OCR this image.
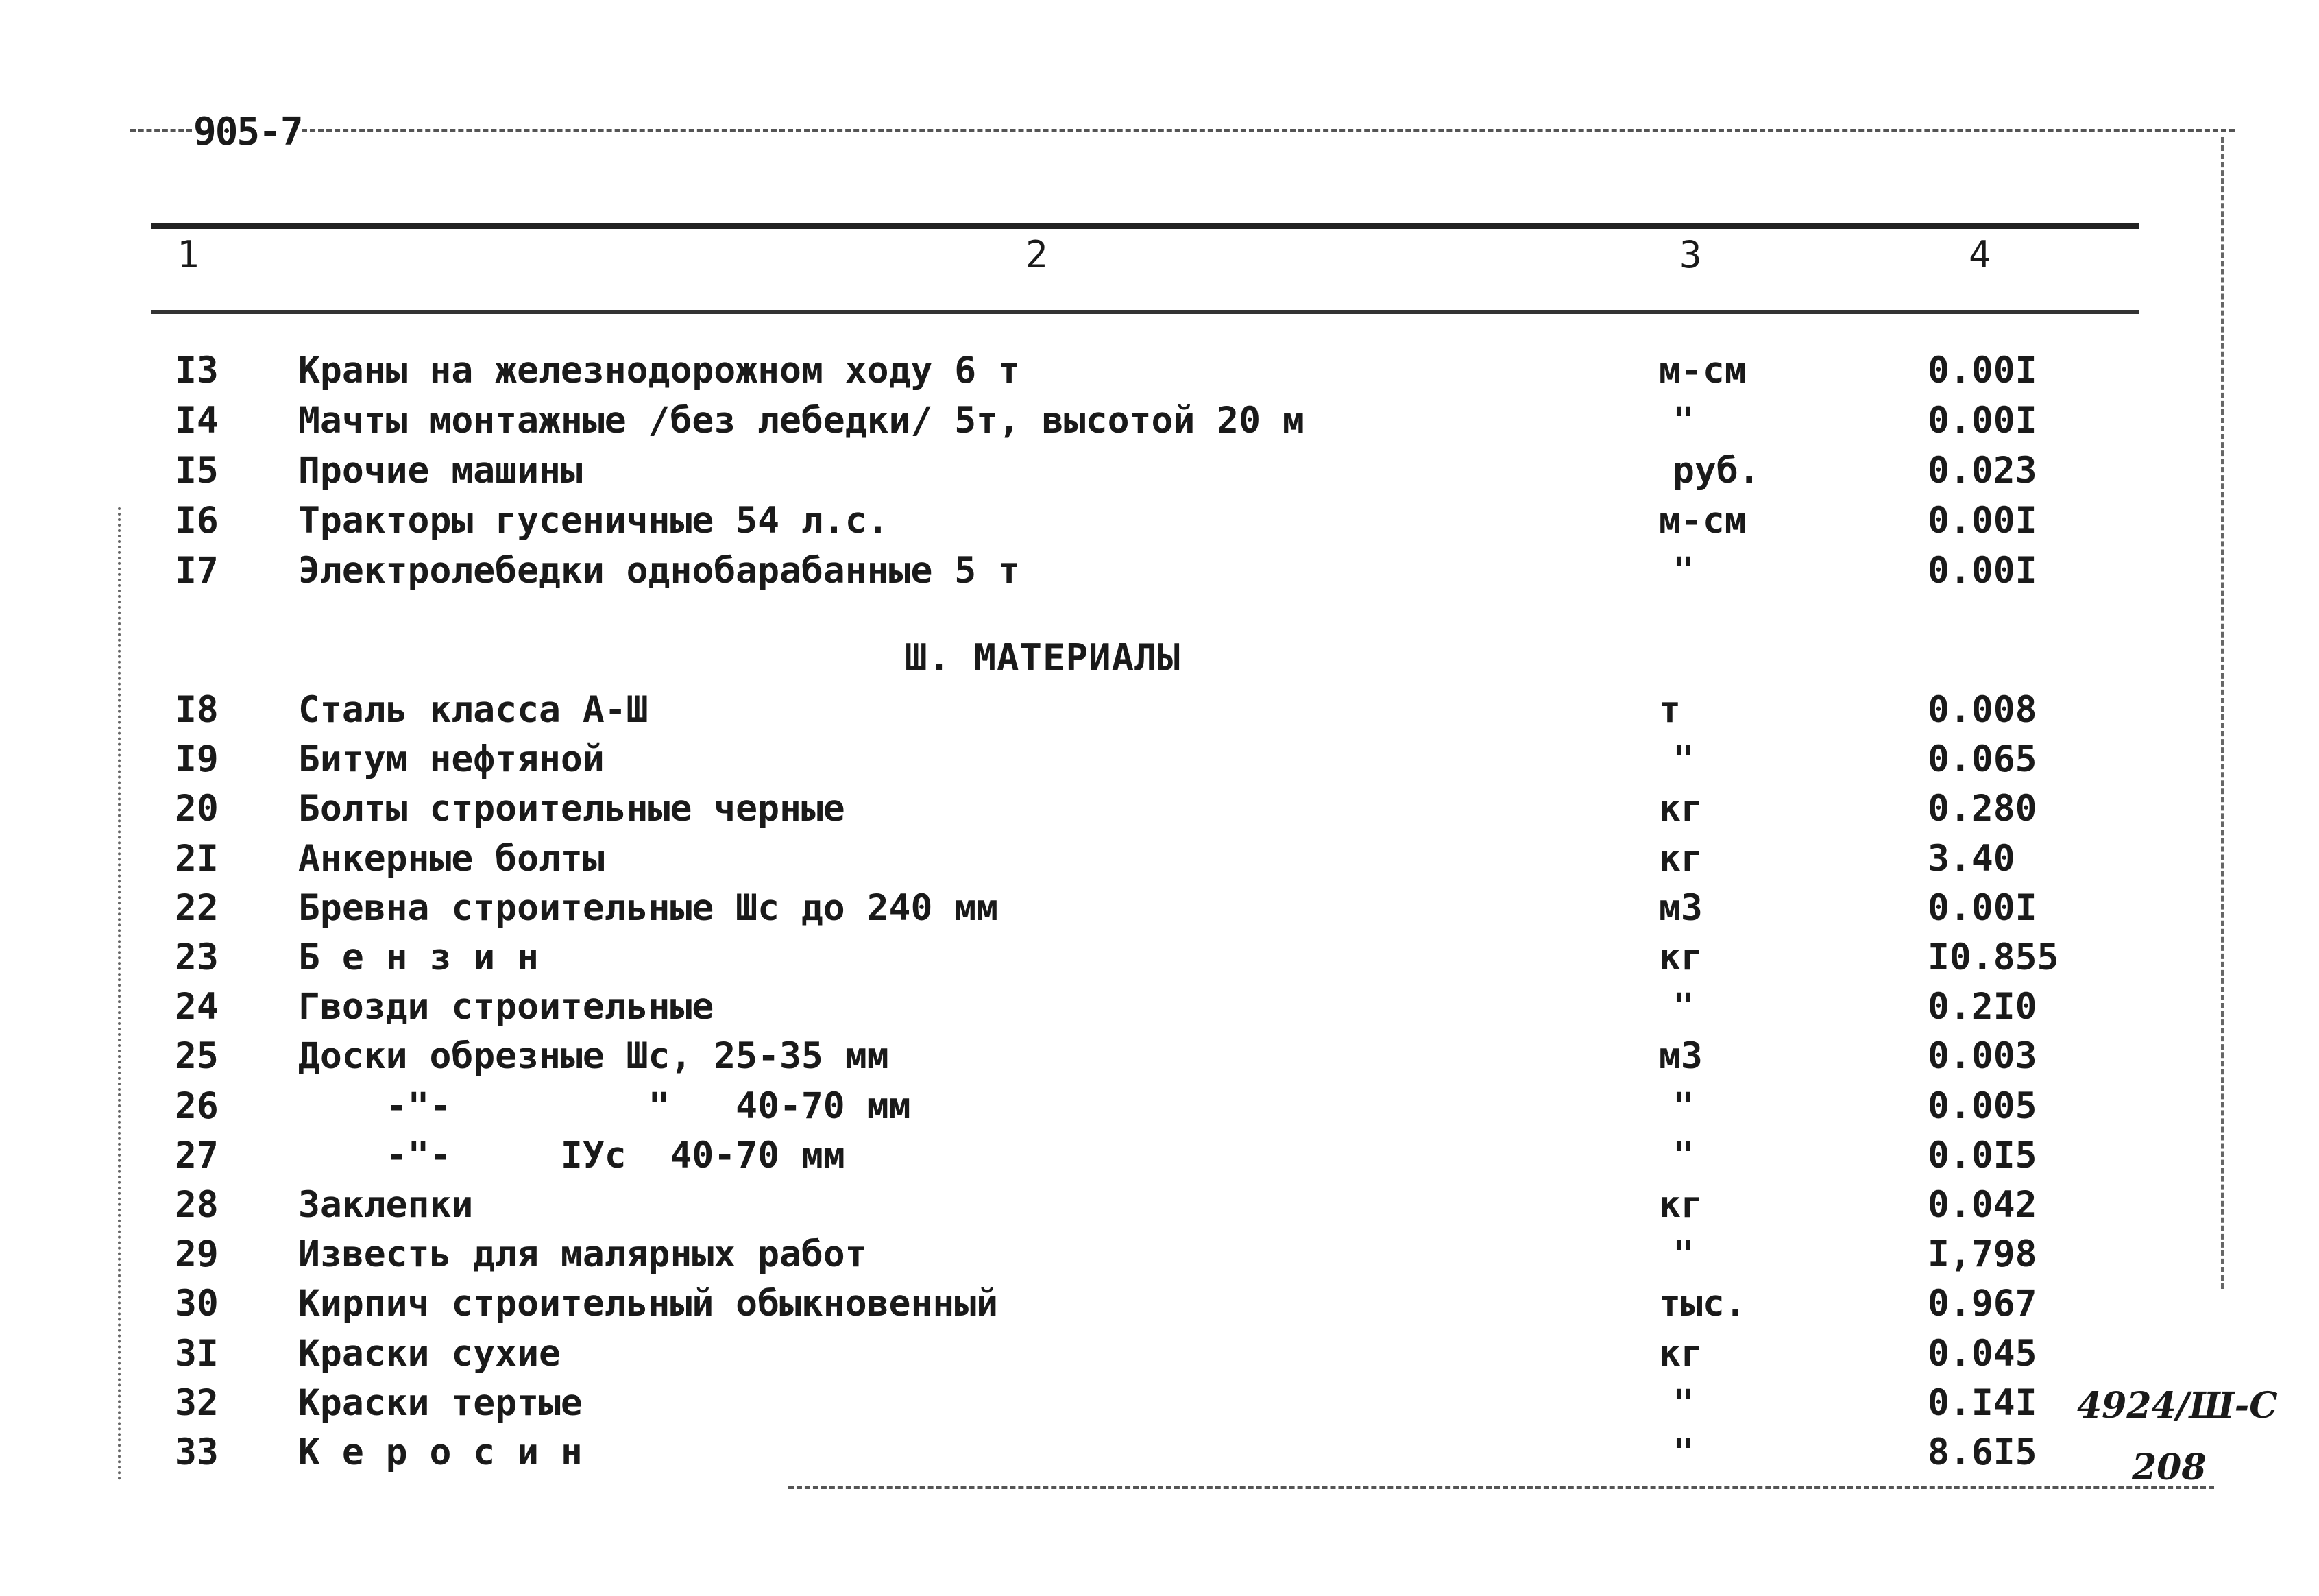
905-7
1	2	3	4
I3 Краны на железнодорожном ходу 6 т	м-см	0.00I
I4 Мачты монтажные /без лебедки/ 5т, высотой 20 м	"	0.00I
I5 Прочие машины	руб.	0.023
I6 Тракторы гусеничные 54 л.с.	м-см	0.00I
I7 Электролебедки однобарабанные 5 т	"	0.00I
Ш. МАТЕРИАЛЫ
I8 Сталь класса А-Ш	т	0.008
I9 Битум нефтяной	"	0.065
20 Болты строительные черные	кг	0.280
2I Анкерные болты	кг	3.40
22 Бревна строительные Шс до 240 мм	м3	0.00I
23 Б е н з и н	кг	I0.855
24 Гвозди строительные	"	0.2I0
25 Доски обрезные Шс, 25-35 мм	м3	0.003
26 -"-         "   40-70 мм	"	0.005
27 -"-     IУс  40-70 мм	"	0.0I5
28 Заклепки	кг	0.042
29 Известь для малярных работ	"	I,798
30 Кирпич строительный обыкновенный	тыс.	0.967
3I Краски сухие	кг	0.045
32 Краски тертые	"	0.I4I
33 К е р о с и н	"	8.6I5
4924/Ш-С
208
